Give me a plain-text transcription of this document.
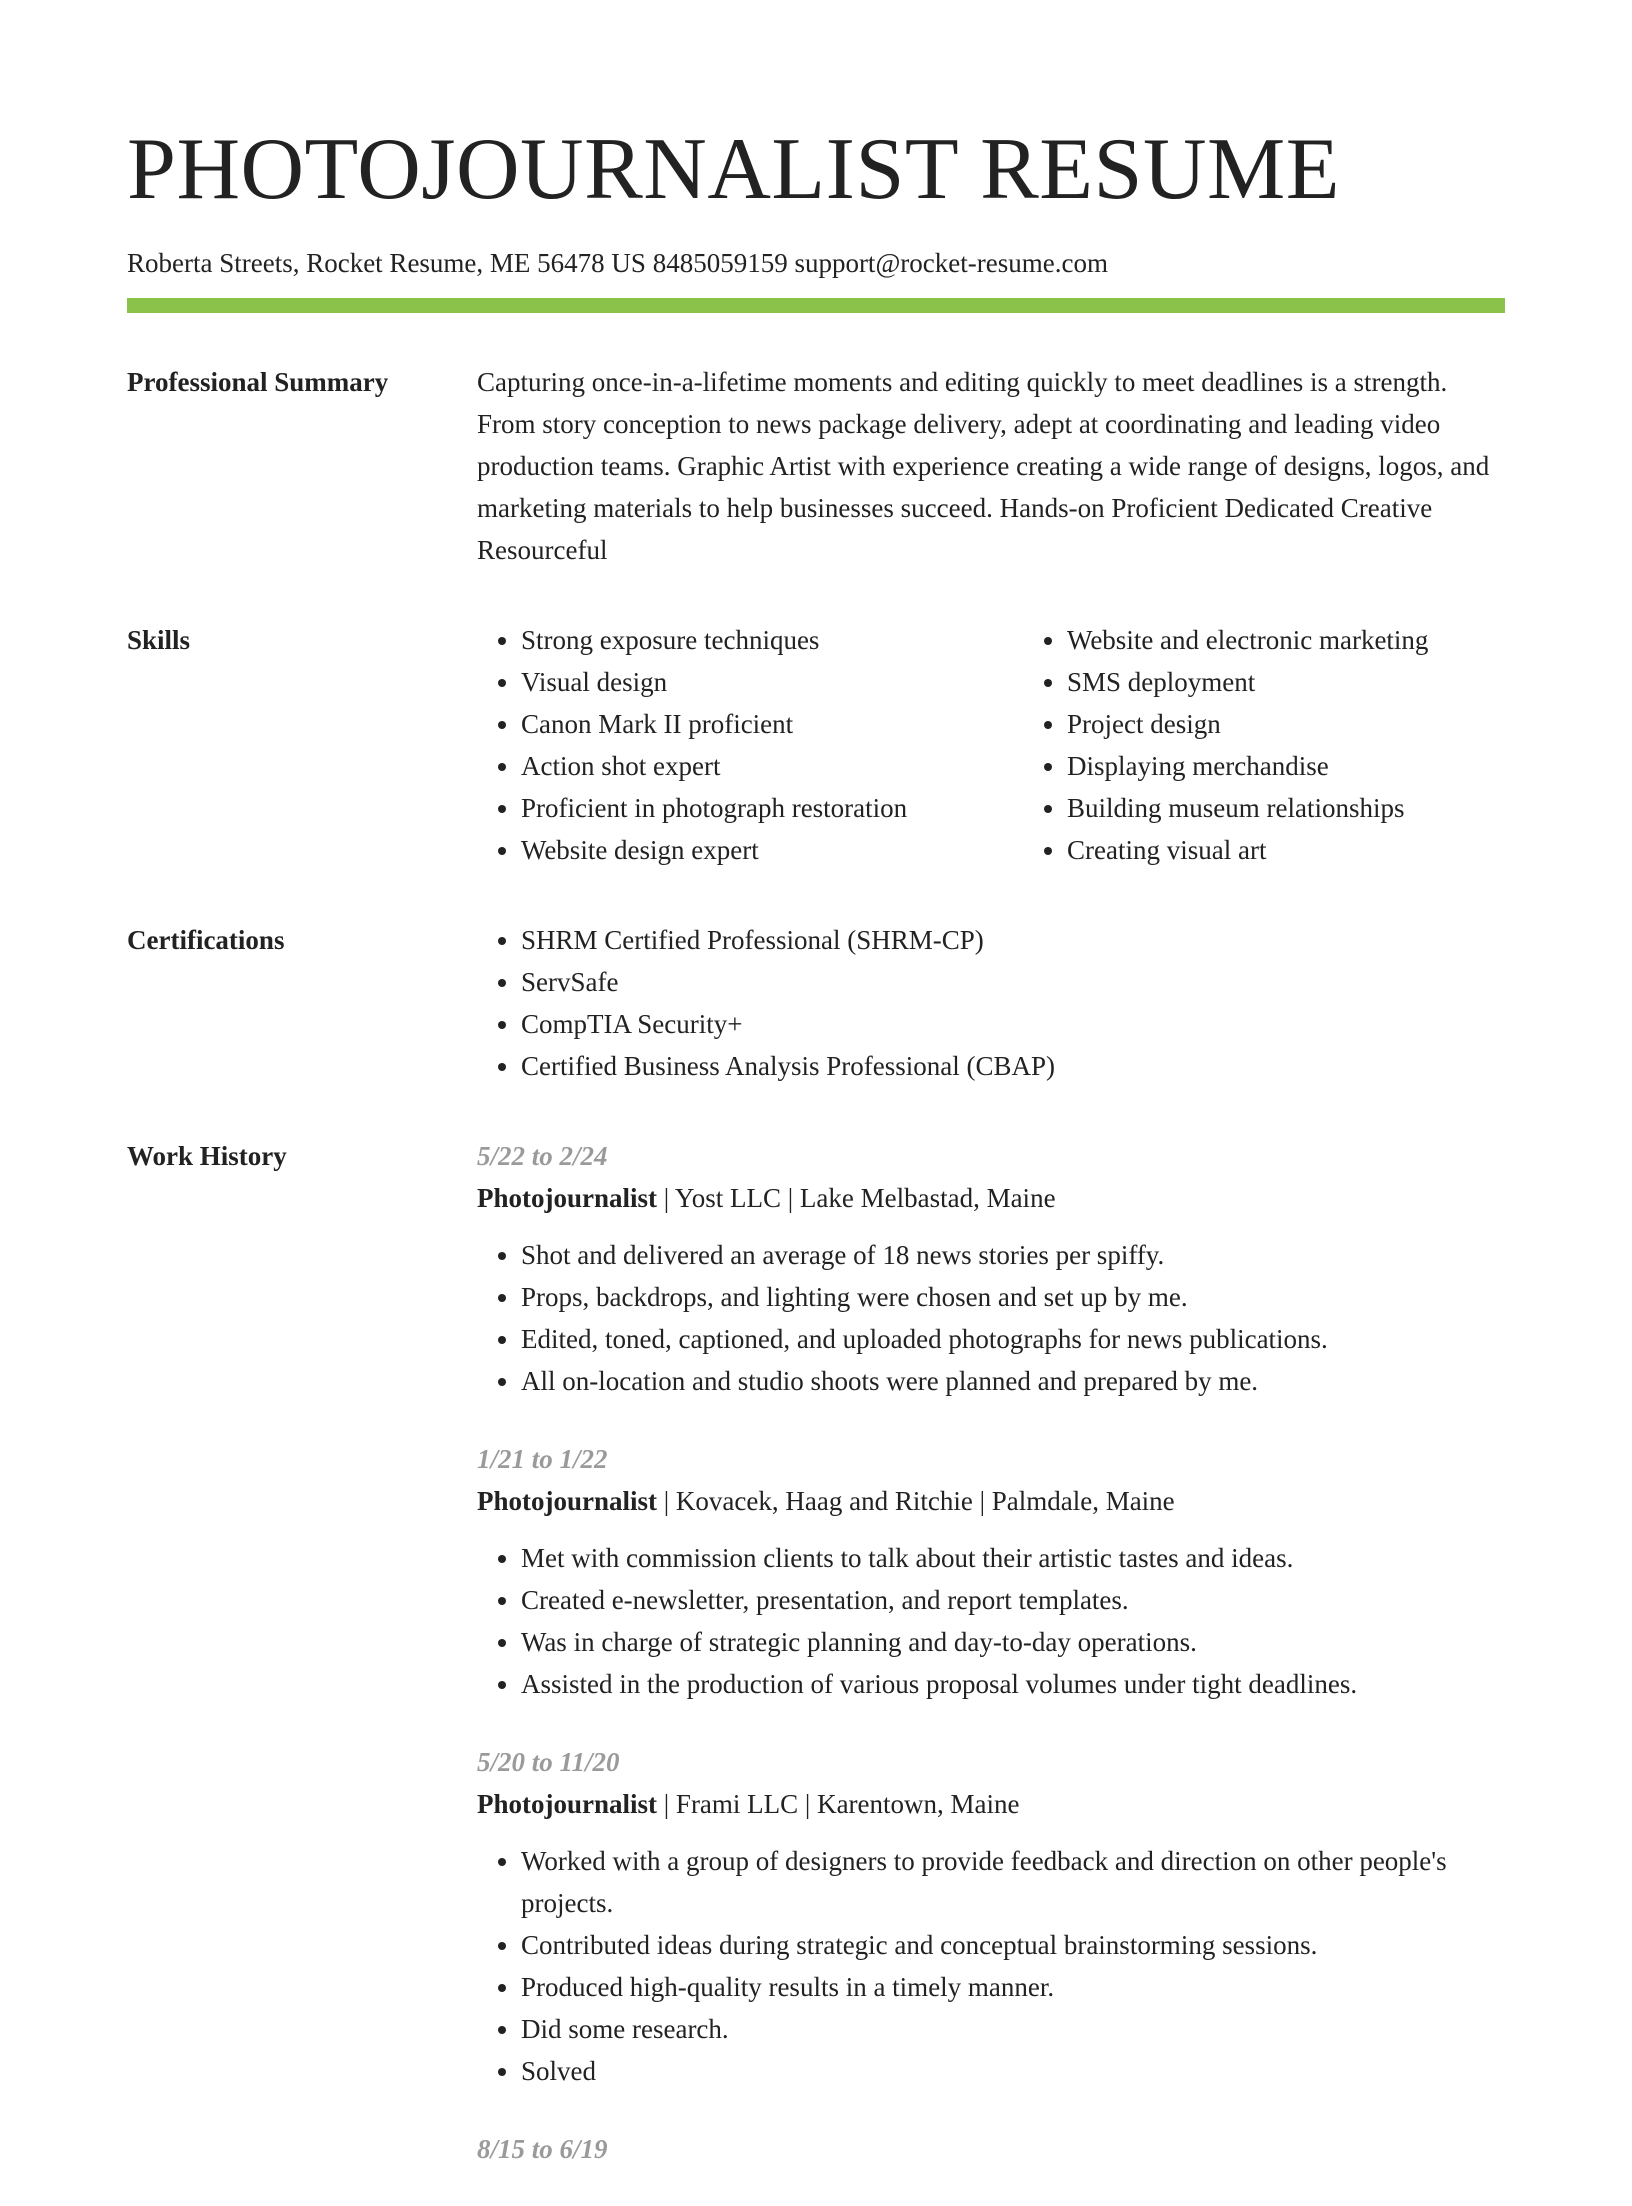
PHOTOJOURNALIST RESUME
Roberta Streets, Rocket Resume, ME 56478 US 8485059159 support@rocket-resume.com
Professional Summary	Capturing once-in-a-lifetime moments and editing quickly to meet deadlines is a strength. From story conception to news package delivery, adept at coordinating and leading video production teams. Graphic Artist with experience creating a wide range of designs, logos, and marketing materials to help businesses succeed. Hands-on Proficient Dedicated Creative Resourceful

Skills	• Strong exposure techniques
• Visual design
• Canon Mark II proficient
• Action shot expert
• Proficient in photograph restoration
• Website design expert
• Website and electronic marketing
• SMS deployment
• Project design
• Displaying merchandise
• Building museum relationships
• Creating visual art
Certifications	• SHRM Certified Professional (SHRM-CP)
• ServSafe
• CompTIA Security+
• Certified Business Analysis Professional (CBAP)
Work History	5/22 to 2/24
Photojournalist | Yost LLC | Lake Melbastad, Maine
• Shot and delivered an average of 18 news stories per spiffy.
• Props, backdrops, and lighting were chosen and set up by me.
• Edited, toned, captioned, and uploaded photographs for news publications.
• All on-location and studio shoots were planned and prepared by me.
1/21 to 1/22
Photojournalist | Kovacek, Haag and Ritchie | Palmdale, Maine
• Met with commission clients to talk about their artistic tastes and ideas.
• Created e-newsletter, presentation, and report templates.
• Was in charge of strategic planning and day-to-day operations.
• Assisted in the production of various proposal volumes under tight deadlines.
5/20 to 11/20
Photojournalist | Frami LLC | Karentown, Maine
• Worked with a group of designers to provide feedback and direction on other people's projects.
• Contributed ideas during strategic and conceptual brainstorming sessions.
• Produced high-quality results in a timely manner.
• Did some research.
• Solved
8/15 to 6/19
